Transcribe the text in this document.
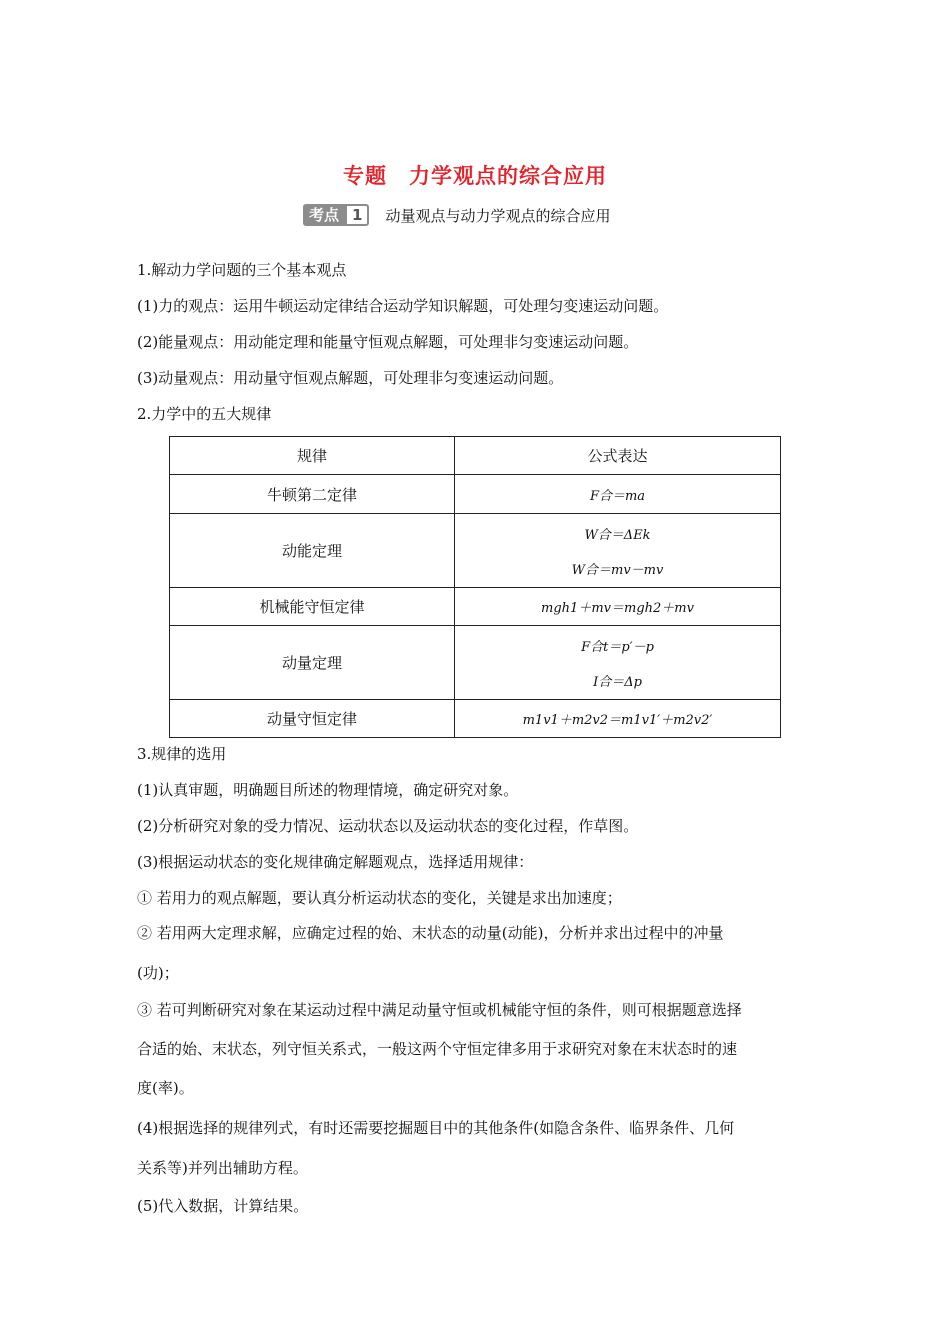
专题 力学观点的综合应用
考点 1	动量观点与动力学观点的综合应用
1.解动力学问题的三个基本观点
(1)力的观点：运用牛顿运动定律结合运动学知识解题，可处理匀变速运动问题。
(2)能量观点：用动能定理和能量守恒观点解题，可处理非匀变速运动问题。
(3)动量观点：用动量守恒观点解题，可处理非匀变速运动问题。
2.力学中的五大规律
规律	公式表达
牛顿第二定律	F合＝ma
动能定理	W合＝ΔEk
W合＝mv－mv

机械能守恒定律	mgh1＋mv＝mgh2＋mv
动量定理	F合t＝p′－p
I合＝Δp

动量守恒定律	m1v1＋m2v2＝m1v1′＋m2v2′
3.规律的选用
(1)认真审题，明确题目所述的物理情境，确定研究对象。
(2)分析研究对象的受力情况、运动状态以及运动状态的变化过程，作草图。
(3)根据运动状态的变化规律确定解题观点，选择适用规律：
① 若用力的观点解题，要认真分析运动状态的变化，关键是求出加速度；
② 若用两大定理求解，应确定过程的始、末状态的动量(动能)，分析并求出过程中的冲量
(功)；
③ 若可判断研究对象在某运动过程中满足动量守恒或机械能守恒的条件，则可根据题意选择
合适的始、末状态，列守恒关系式，一般这两个守恒定律多用于求研究对象在末状态时的速
度(率)。
(4)根据选择的规律列式，有时还需要挖掘题目中的其他条件(如隐含条件、临界条件、几何
关系等)并列出辅助方程。
(5)代入数据，计算结果。
